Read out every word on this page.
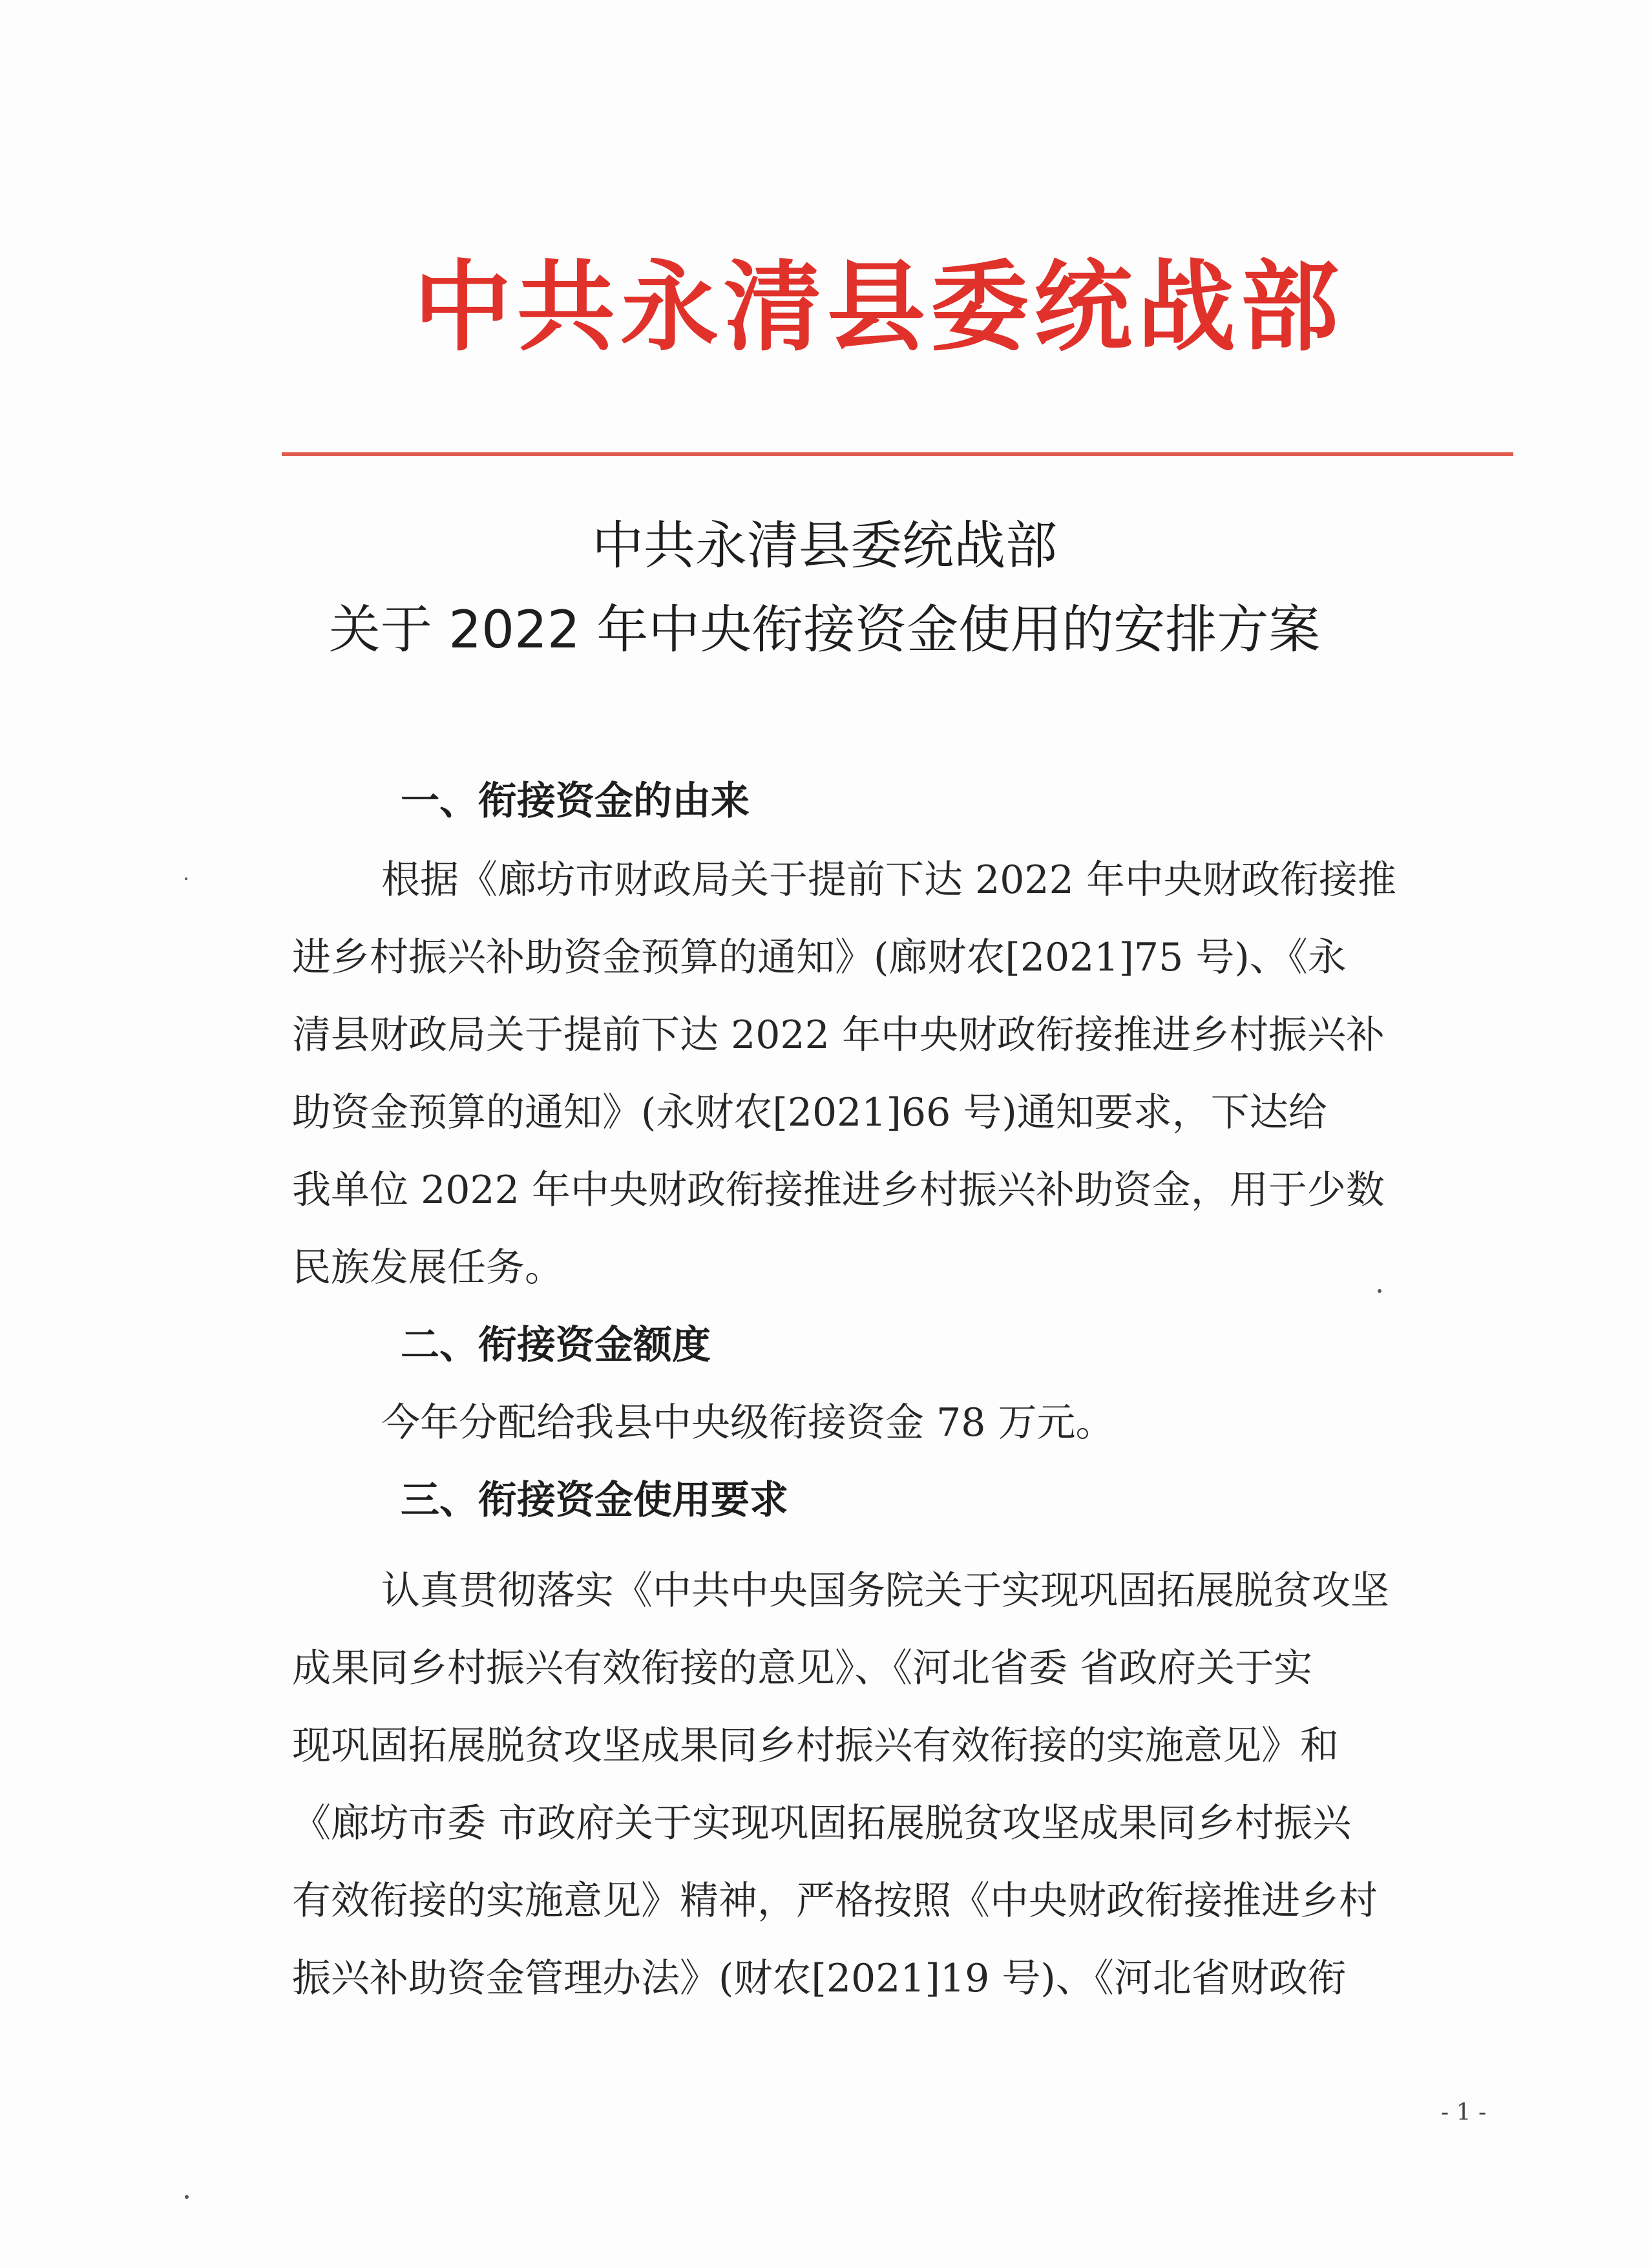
中共永清县委统战部
中共永清县委统战部
关于 2022 年中央衔接资金使用的安排方案
一、衔接资金的由来
根据《廊坊市财政局关于提前下达 2022 年中央财政衔接推
进乡村振兴补助资金预算的通知》(廊财农[2021]75 号)、《永
清县财政局关于提前下达 2022 年中央财政衔接推进乡村振兴补
助资金预算的通知》(永财农[2021]66 号)通知要求，下达给
我单位 2022 年中央财政衔接推进乡村振兴补助资金，用于少数
民族发展任务。
二、衔接资金额度
今年分配给我县中央级衔接资金 78 万元。
三、衔接资金使用要求
认真贯彻落实《中共中央国务院关于实现巩固拓展脱贫攻坚
成果同乡村振兴有效衔接的意见》、《河北省委 省政府关于实
现巩固拓展脱贫攻坚成果同乡村振兴有效衔接的实施意见》和
《廊坊市委 市政府关于实现巩固拓展脱贫攻坚成果同乡村振兴
有效衔接的实施意见》精神，严格按照《中央财政衔接推进乡村
振兴补助资金管理办法》(财农[2021]19 号)、《河北省财政衔
- 1 -
